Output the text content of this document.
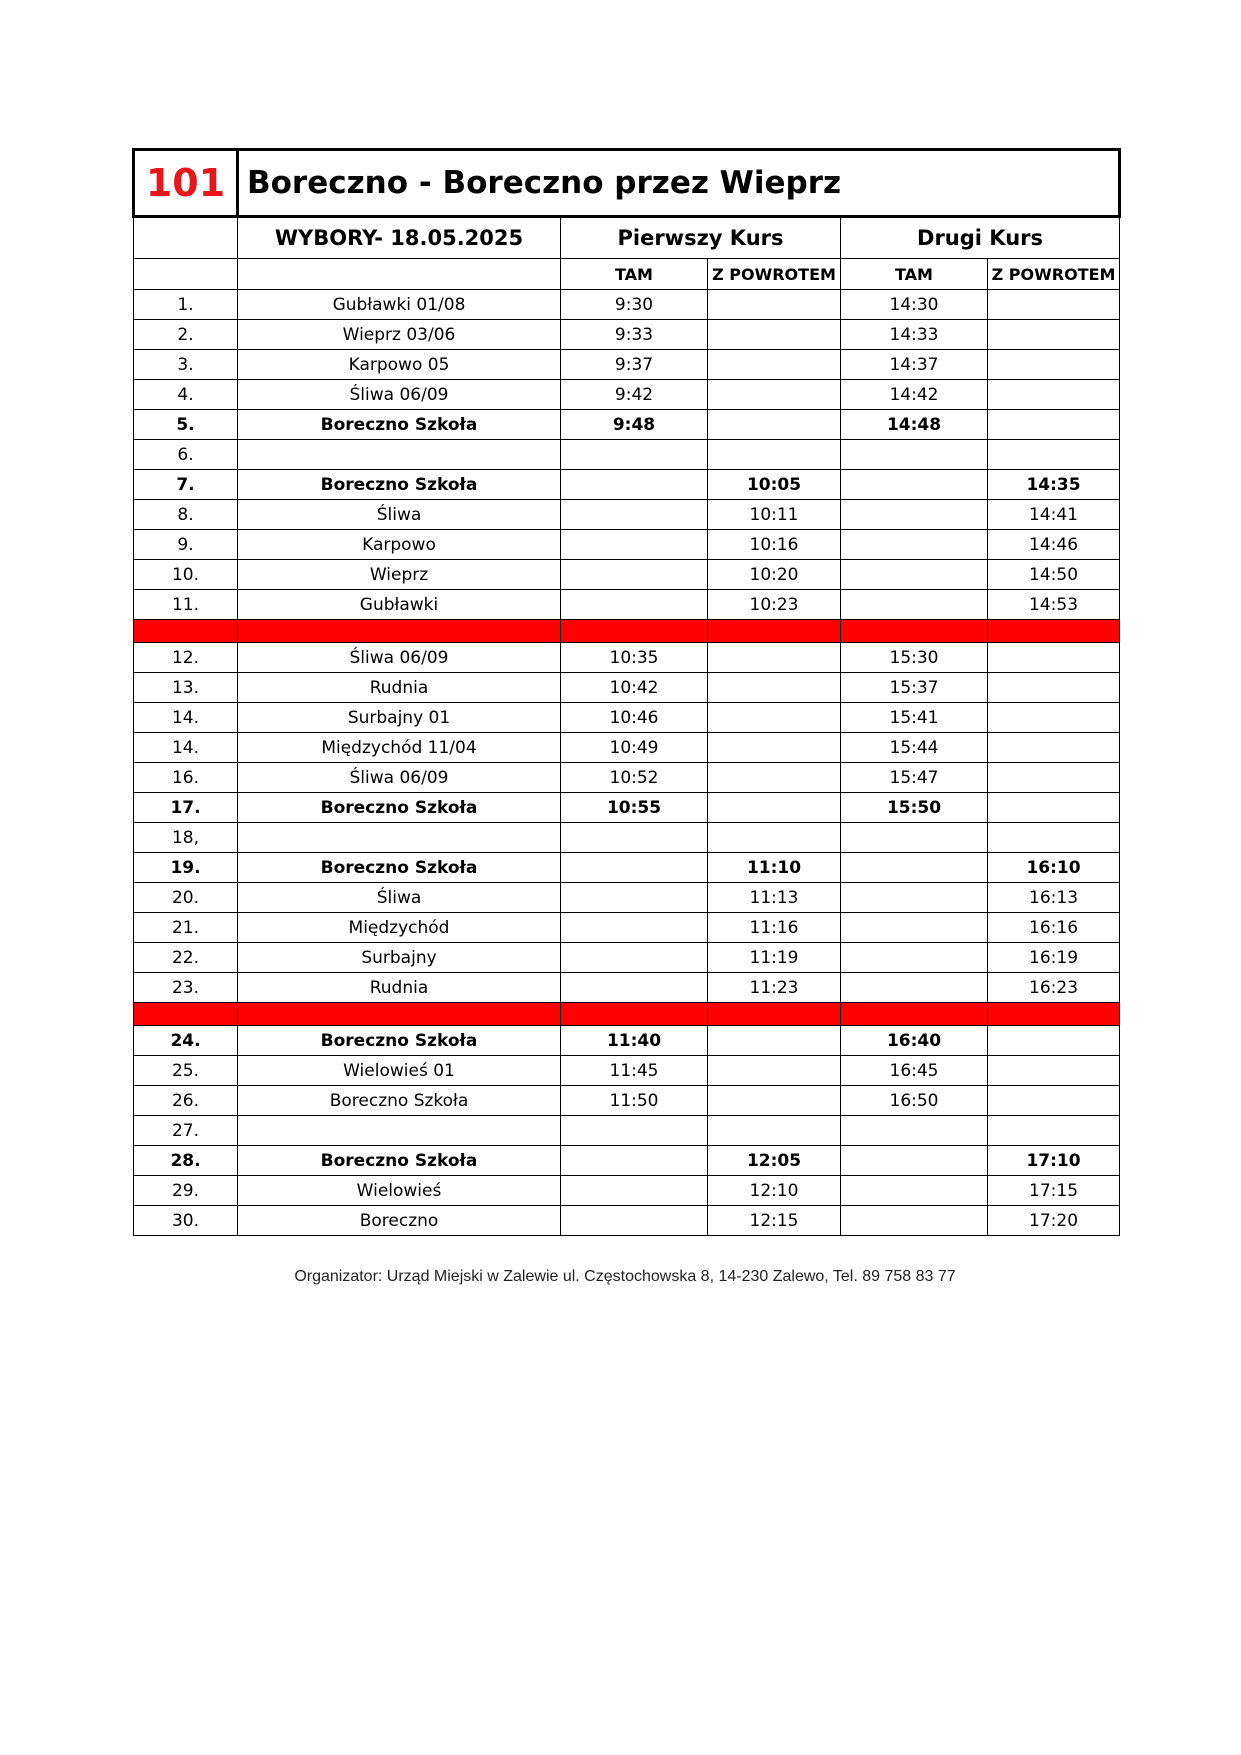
101	Boreczno - Boreczno przez Wieprz				
	WYBORY- 18.05.2025	Pierwszy Kurs		Drugi Kurs	
		TAM	Z POWROTEM	TAM	Z POWROTEM
1.	Gubławki 01/08	9:30		14:30	
2.	Wieprz 03/06	9:33		14:33	
3.	Karpowo 05	9:37		14:37	
4.	Śliwa 06/09	9:42		14:42	
5.	Boreczno Szkoła	9:48		14:48	
6.					
7.	Boreczno Szkoła		10:05		14:35
8.	Śliwa		10:11		14:41
9.	Karpowo		10:16		14:46
10.	Wieprz		10:20		14:50
11.	Gubławki		10:23		14:53

12.	Śliwa 06/09	10:35		15:30	
13.	Rudnia	10:42		15:37	
14.	Surbajny 01	10:46		15:41	
14.	Międzychód 11/04	10:49		15:44	
16.	Śliwa 06/09	10:52		15:47	
17.	Boreczno Szkoła	10:55		15:50	
18,					
19.	Boreczno Szkoła		11:10		16:10
20.	Śliwa		11:13		16:13
21.	Międzychód		11:16		16:16
22.	Surbajny		11:19		16:19
23.	Rudnia		11:23		16:23

24.	Boreczno Szkoła	11:40		16:40	
25.	Wielowieś 01	11:45		16:45	
26.	Boreczno Szkoła	11:50		16:50	
27.					
28.	Boreczno Szkoła		12:05		17:10
29.	Wielowieś		12:10		17:15
30.	Boreczno		12:15		17:20
Organizator: Urząd Miejski w Zalewie ul. Częstochowska 8, 14-230 Zalewo, Tel. 89 758 83 77
